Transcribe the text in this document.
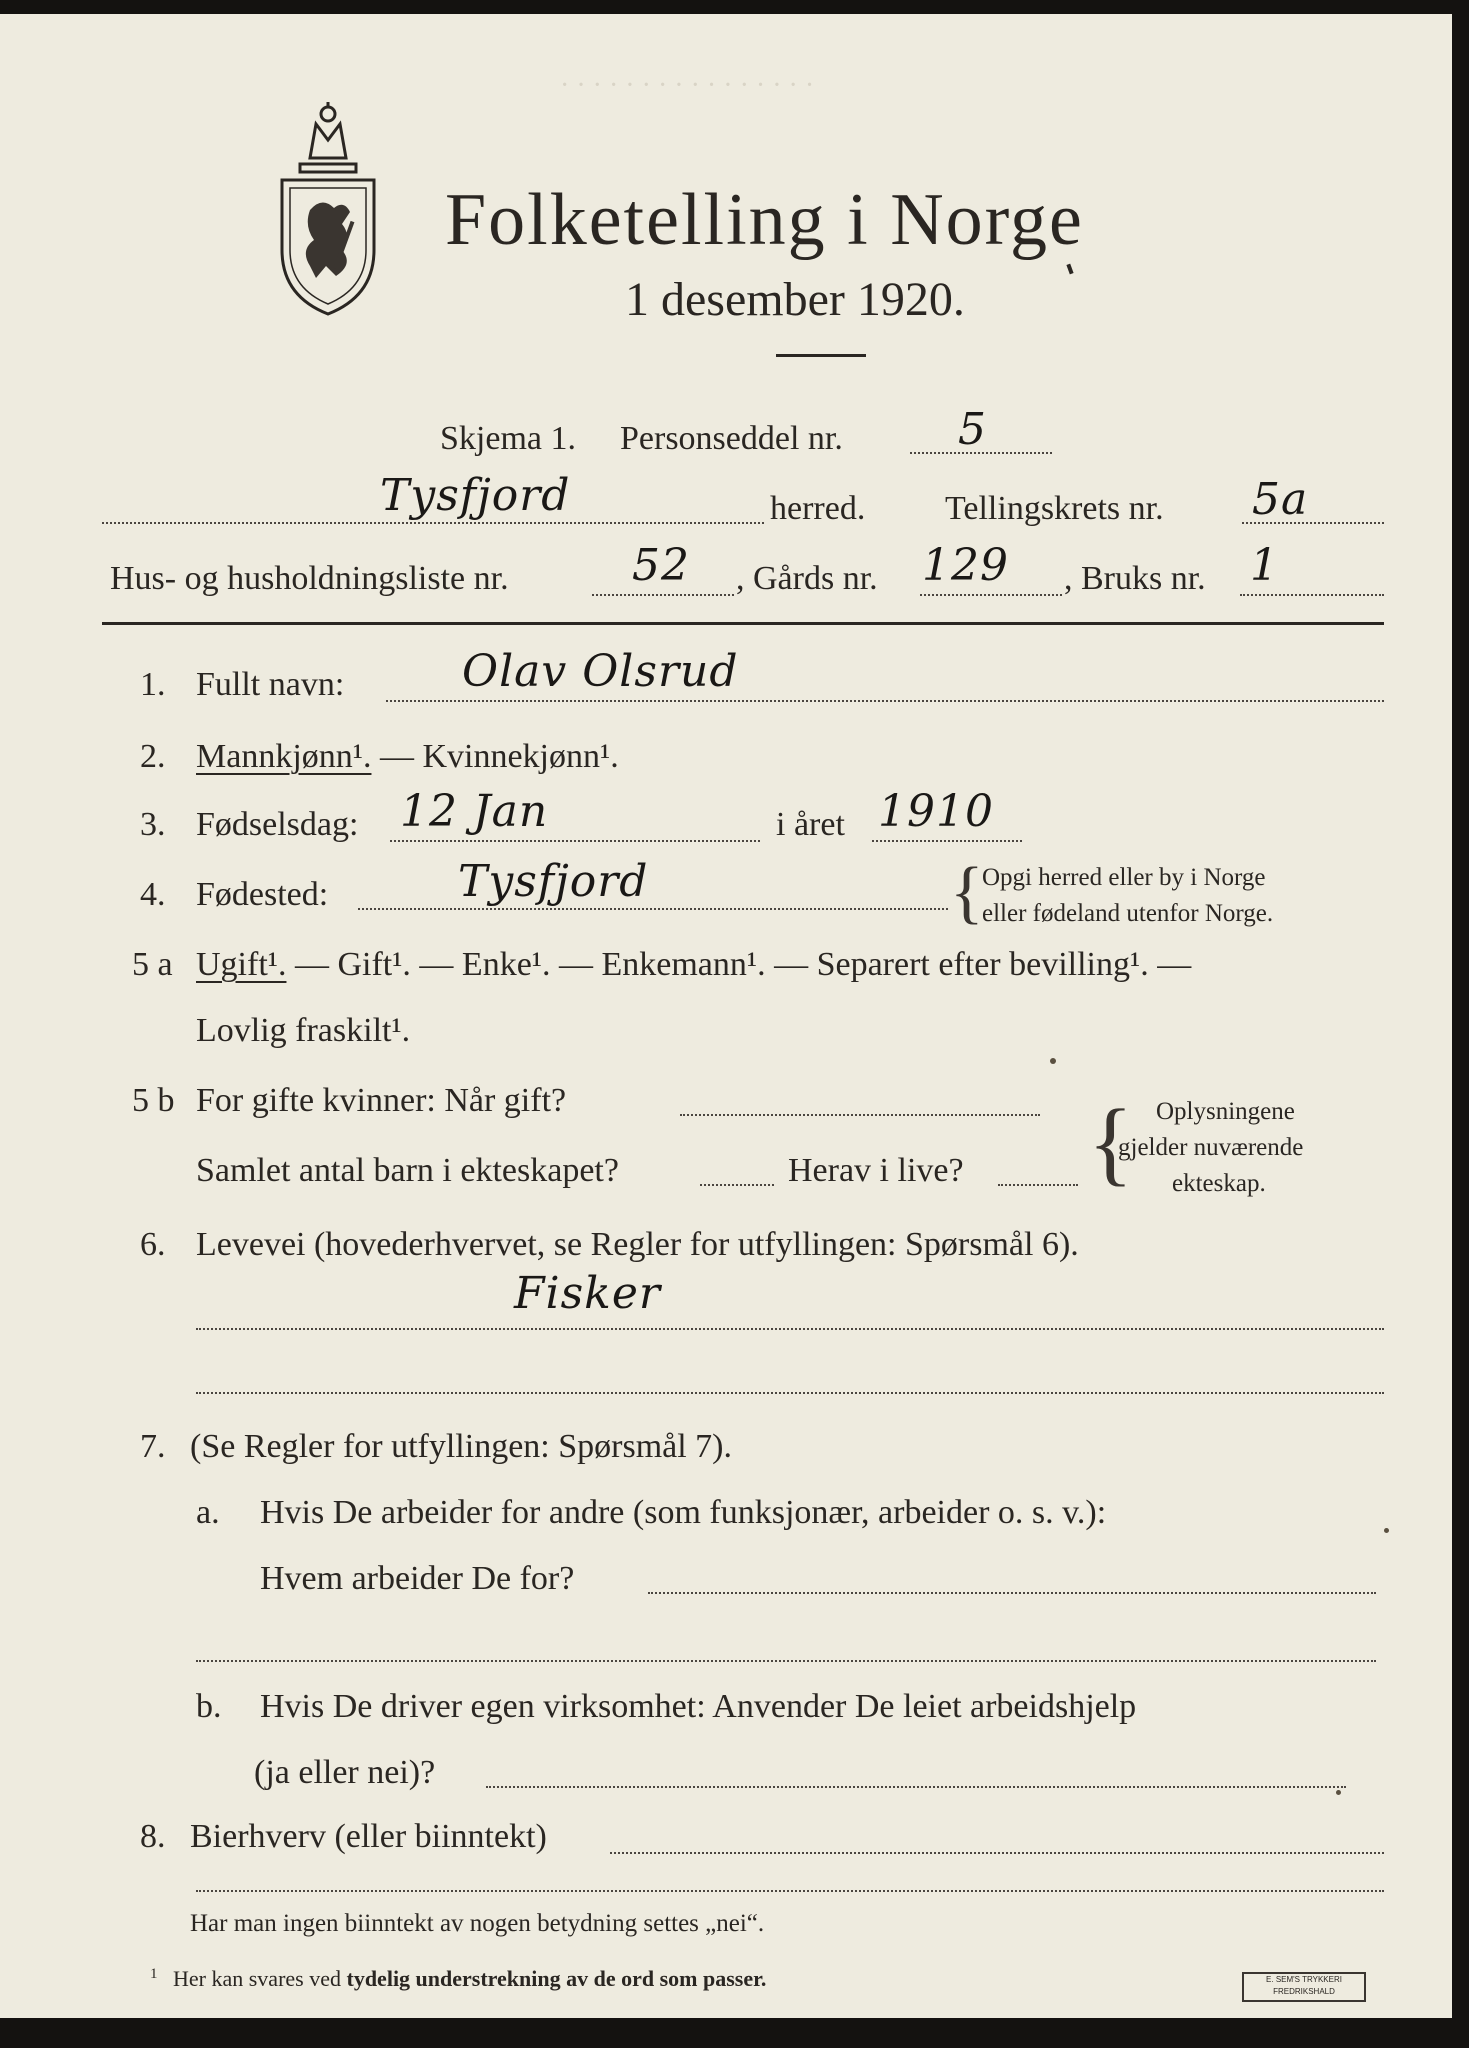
· · · · · · · · · · · · · · · ·
Folketelling i Norge
1 desember 1920.
Skjema 1. Personseddel nr.	5
Tysfjord	herred. Tellingskrets nr. 5a
Hus- og husholdningsliste nr.	52 , Gårds nr. 129 , Bruks nr. 1
1. Fullt navn:	Olav Olsrud
2. Mannkjønn¹. — Kvinnekjønn¹.
3. Fødselsdag: 12 Jan	i året 1910
4. Fødested:	Tysfjord	{
Opgi herred eller by i Norge
eller fødeland utenfor Norge.
5 a Ugift¹. — Gift¹. — Enke¹. — Enkemann¹. — Separert efter bevilling¹. —
Lovlig fraskilt¹.
5 b For gifte kvinner: Når gift?
Samlet antal barn i ekteskapet?	Herav i live? { Oplysningene
gjelder nuværende
ekteskap.
6. Levevei (hovederhvervet, se Regler for utfyllingen: Spørsmål 6).
Fisker
7. (Se Regler for utfyllingen: Spørsmål 7).
a. Hvis De arbeider for andre (som funksjonær, arbeider o. s. v.):
Hvem arbeider De for?
b. Hvis De driver egen virksomhet: Anvender De leiet arbeidshjelp
(ja eller nei)?
8. Bierhverv (eller biinntekt)
Har man ingen biinntekt av nogen betydning settes „nei“.
$^1$ Her kan svares ved tydelig understrekning av de ord som passer.	E. SEM'S TRYKKERI FREDRIKSHALD
